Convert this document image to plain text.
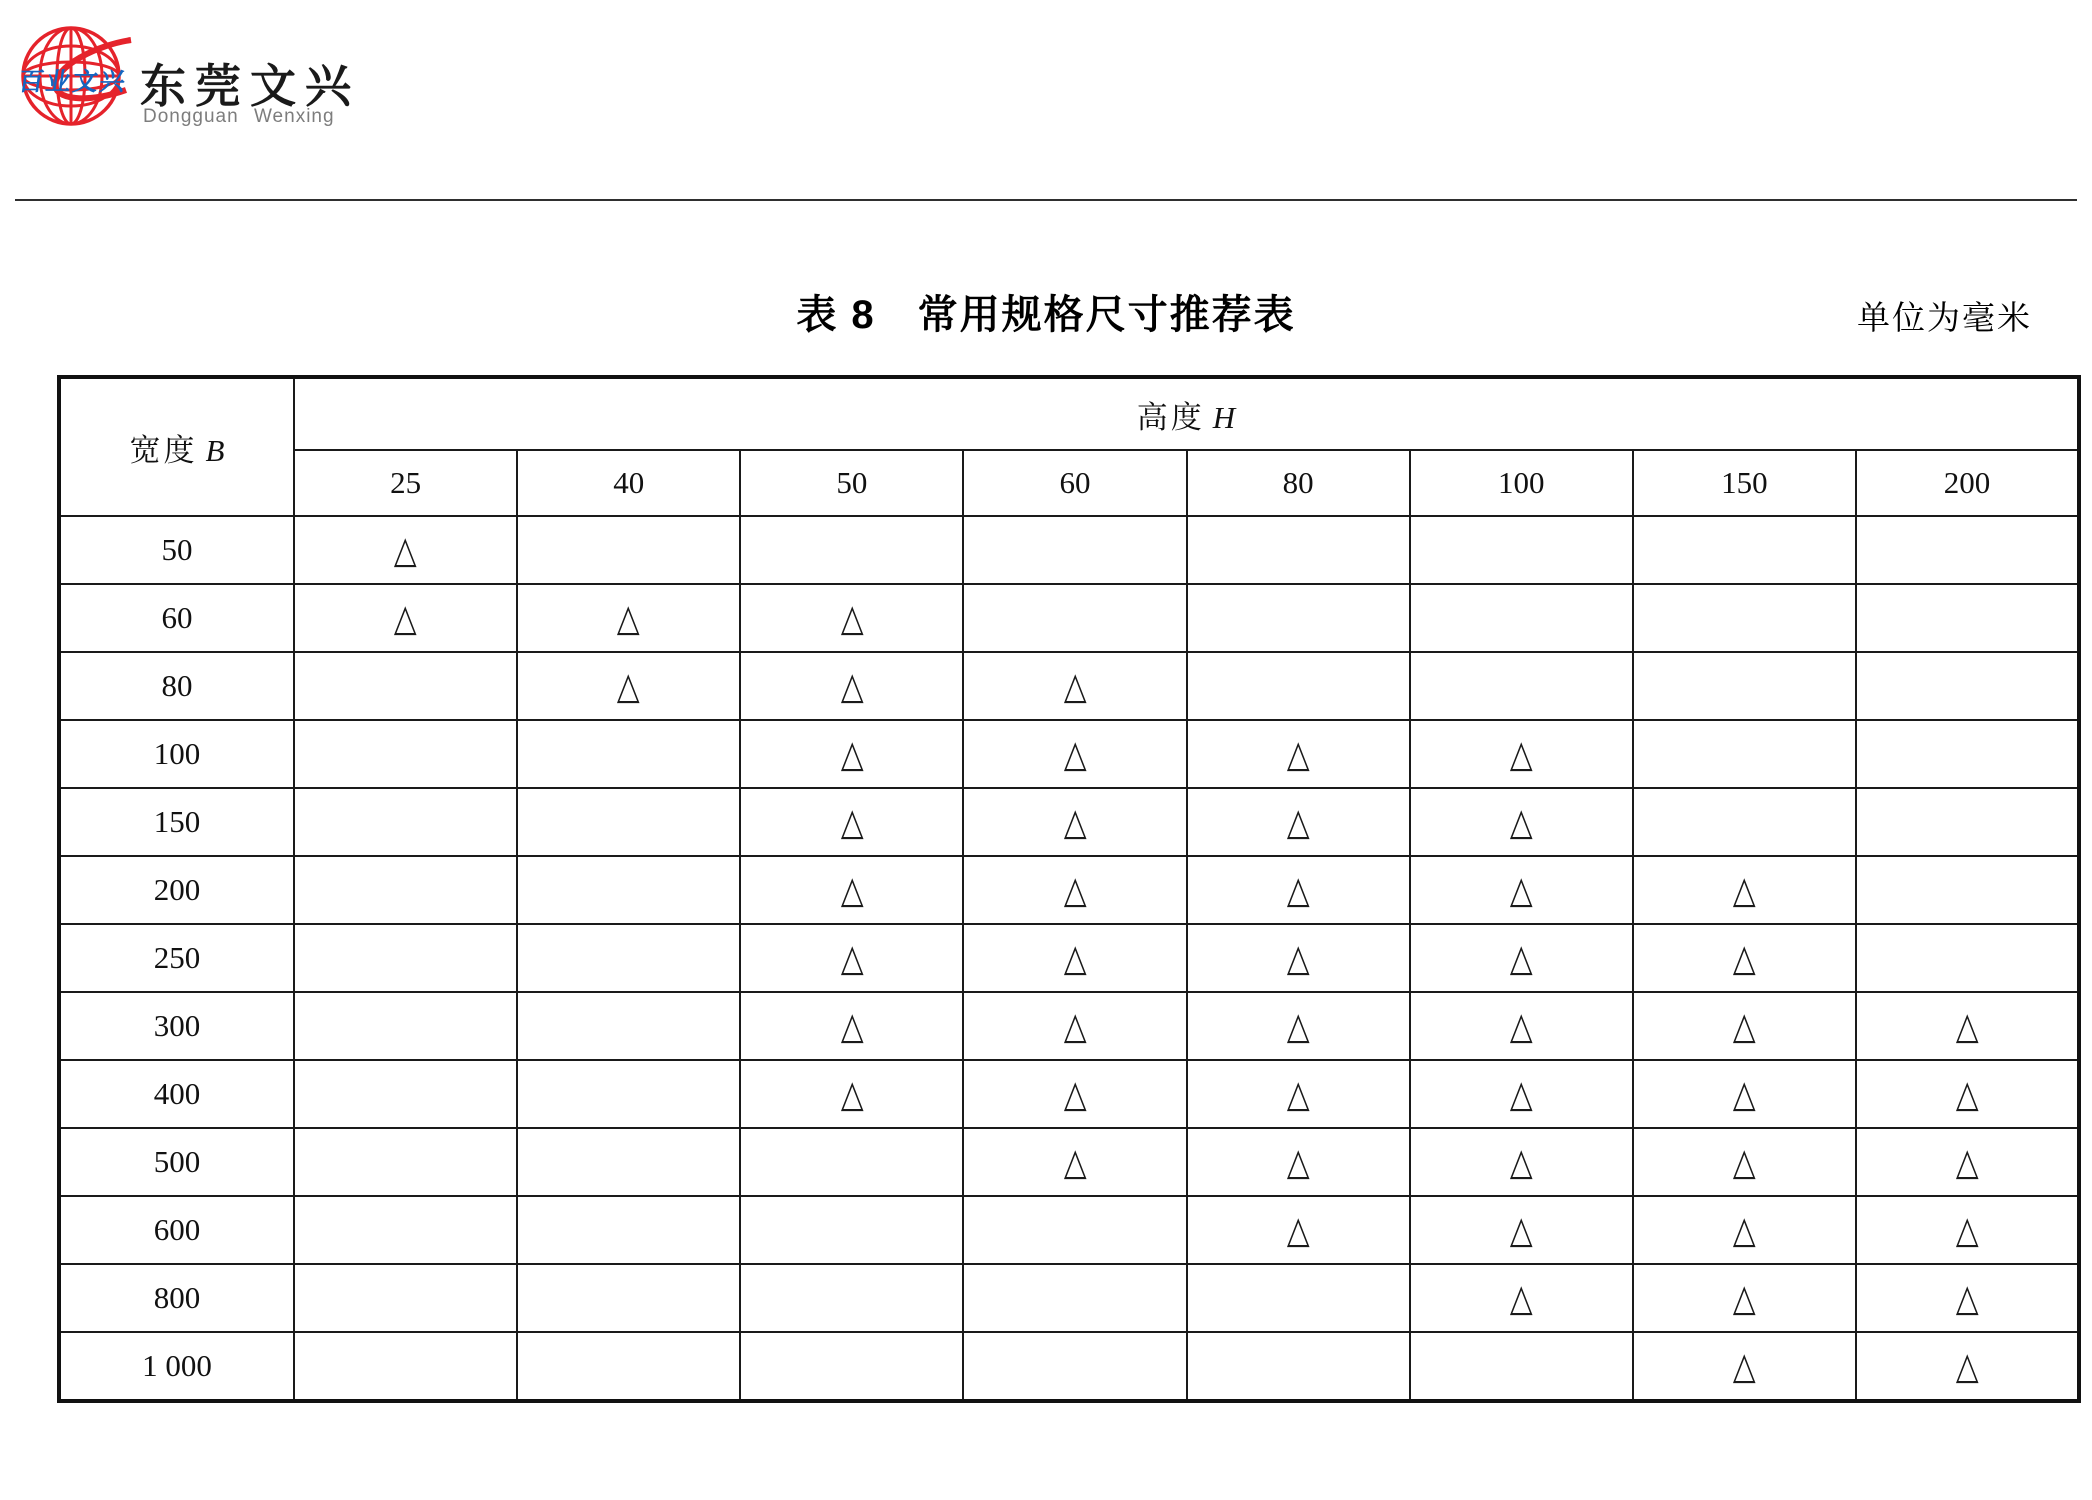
百业文兴 东莞文兴
Dongguan Wenxing
表 8　常用规格尺寸推荐表	单位为毫米
宽度 B	高度 H							
	25	40	50	60	80	100	150	200
50	△							
60	△	△	△					
80		△	△	△				
100			△	△	△	△		
150			△	△	△	△		
200			△	△	△	△	△	
250			△	△	△	△	△	
300			△	△	△	△	△	△
400			△	△	△	△	△	△
500				△	△	△	△	△
600					△	△	△	△
800						△	△	△
1 000							△	△
